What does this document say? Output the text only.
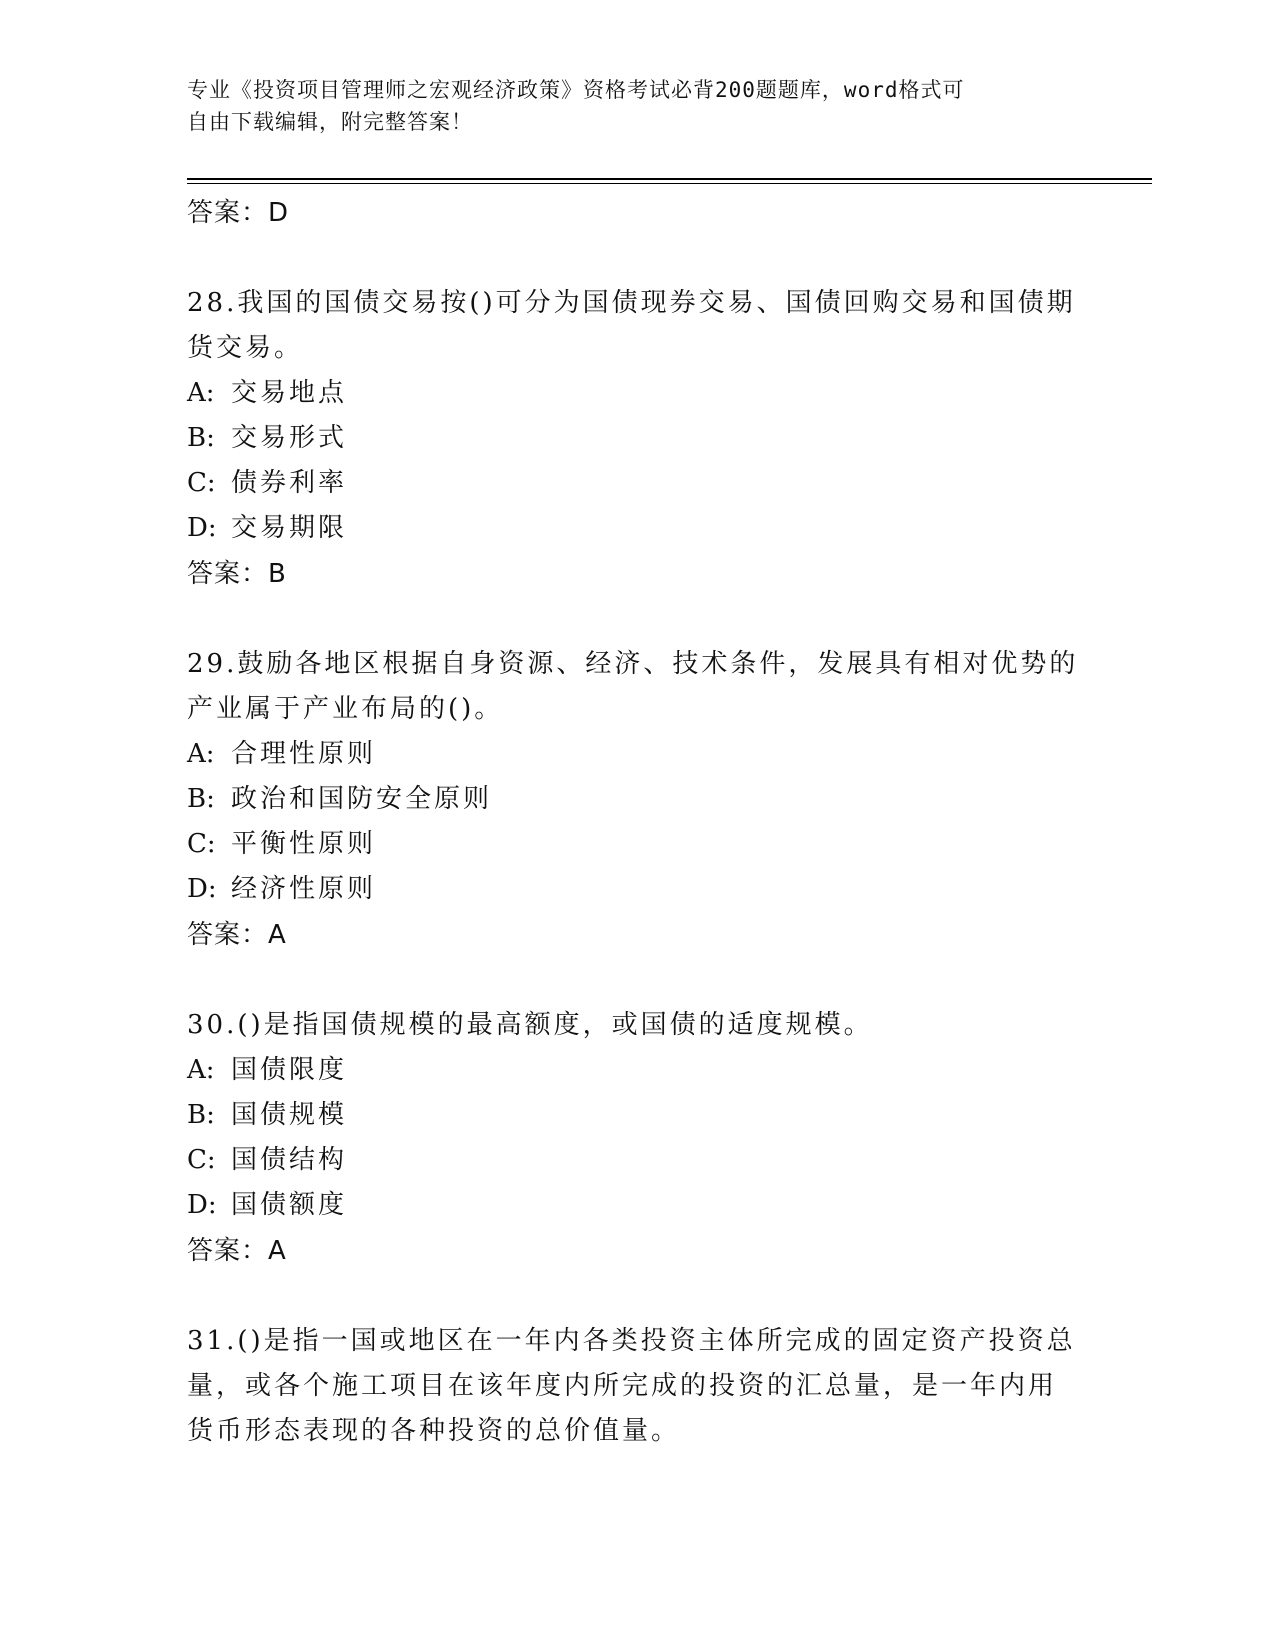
专业《投资项目管理师之宏观经济政策》资格考试必背200题题库，word格式可
自由下载编辑，附完整答案！
答案：D
28.我国的国债交易按()可分为国债现券交易、国债回购交易和国债期
货交易。
A: 交易地点
B: 交易形式
C: 债券利率
D: 交易期限
答案：B
29.鼓励各地区根据自身资源、经济、技术条件，发展具有相对优势的
产业属于产业布局的()。
A: 合理性原则
B: 政治和国防安全原则
C: 平衡性原则
D: 经济性原则
答案：A
30.()是指国债规模的最高额度，或国债的适度规模。
A: 国债限度
B: 国债规模
C: 国债结构
D: 国债额度
答案：A
31.()是指一国或地区在一年内各类投资主体所完成的固定资产投资总
量，或各个施工项目在该年度内所完成的投资的汇总量，是一年内用
货币形态表现的各种投资的总价值量。
